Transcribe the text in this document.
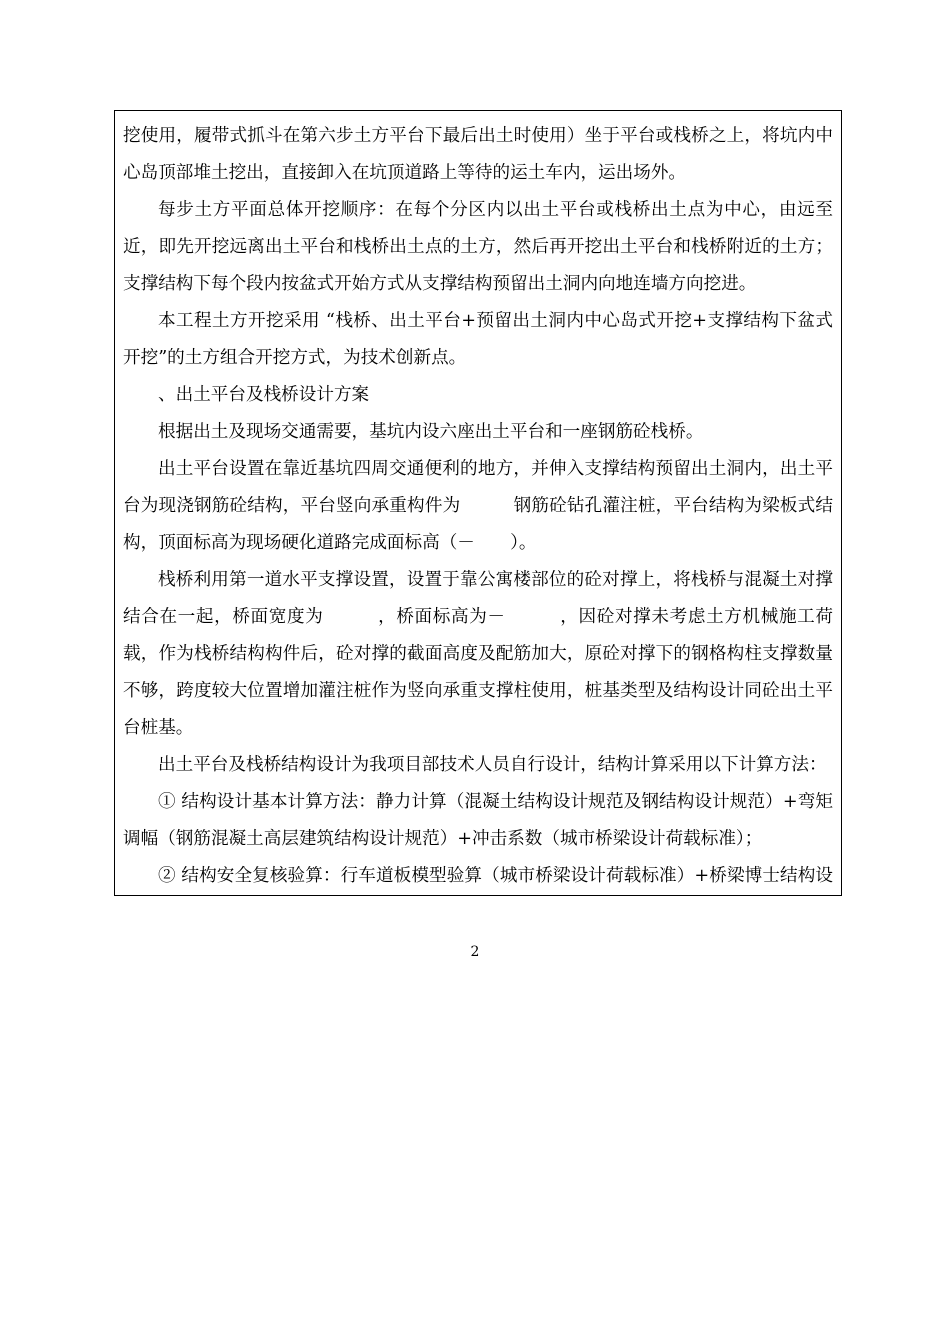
挖使用，履带式抓斗在第六步土方平台下最后出土时使用）坐于平台或栈桥之上，将坑内中心岛顶部堆土挖出，直接卸入在坑顶道路上等待的运土车内，运出场外。

每步土方平面总体开挖顺序：在每个分区内以出土平台或栈桥出土点为中心，由远至近，即先开挖远离出土平台和栈桥出土点的土方，然后再开挖出土平台和栈桥附近的土方；支撑结构下每个段内按盆式开始方式从支撑结构预留出土洞内向地连墙方向挖进。

本工程土方开挖采用 “栈桥、出土平台+预留出土洞内中心岛式开挖+支撑结构下盆式开挖”的土方组合开挖方式，为技术创新点。

、出土平台及栈桥设计方案

根据出土及现场交通需要，基坑内设六座出土平台和一座钢筋砼栈桥。

出土平台设置在靠近基坑四周交通便利的地方，并伸入支撑结构预留出土洞内，出土平台为现浇钢筋砼结构，平台竖向承重构件为　　　钢筋砼钻孔灌注桩，平台结构为梁板式结构，顶面标高为现场硬化道路完成面标高（－　　）。

栈桥利用第一道水平支撑设置，设置于靠公寓楼部位的砼对撑上，将栈桥与混凝土对撑结合在一起，桥面宽度为　　　，桥面标高为－　　　，因砼对撑未考虑土方机械施工荷载，作为栈桥结构构件后，砼对撑的截面高度及配筋加大，原砼对撑下的钢格构柱支撑数量不够，跨度较大位置增加灌注桩作为竖向承重支撑柱使用，桩基类型及结构设计同砼出土平台桩基。

出土平台及栈桥结构设计为我项目部技术人员自行设计，结构计算采用以下计算方法：

① 结构设计基本计算方法：静力计算（混凝土结构设计规范及钢结构设计规范）+弯矩调幅（钢筋混凝土高层建筑结构设计规范）+冲击系数（城市桥梁设计荷载标准）；

② 结构安全复核验算：行车道板模型验算（城市桥梁设计荷载标准）+桥梁博士结构设

2
